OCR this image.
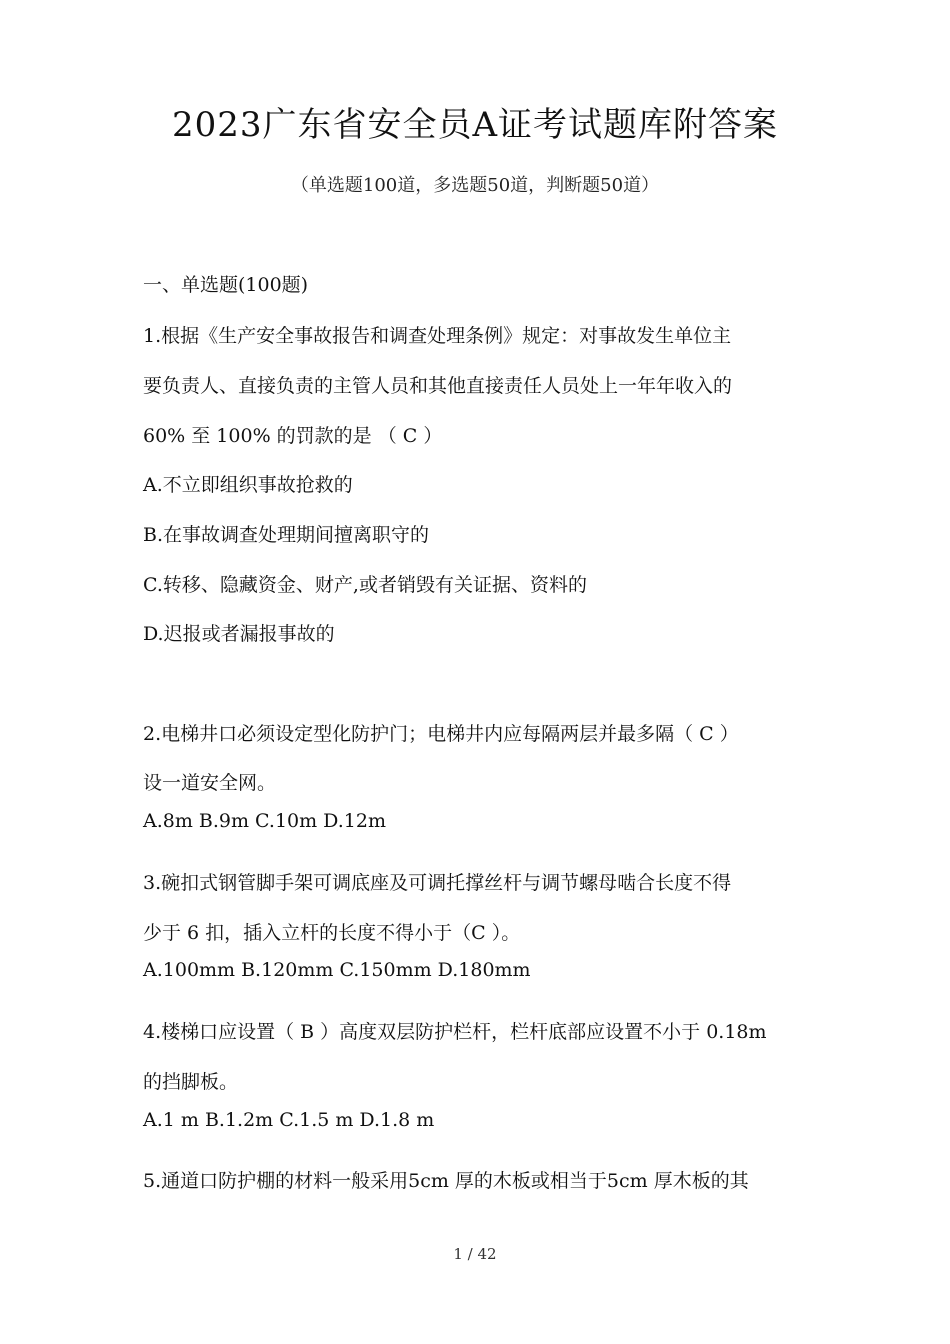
2023广东省安全员A证考试题库附答案
（单选题100道，多选题50道，判断题50道）
一、单选题(100题)
1.根据《生产安全事故报告和调查处理条例》规定：对事故发生单位主
要负责人、直接负责的主管人员和其他直接责任人员处上一年年收入的
60% 至 100% 的罚款的是 （ C ）
A.不立即组织事故抢救的
B.在事故调查处理期间擅离职守的
C.转移、隐藏资金、财产,或者销毁有关证据、资料的
D.迟报或者漏报事故的
2.电梯井口必须设定型化防护门；电梯井内应每隔两层并最多隔（ C ）
设一道安全网。
A.8m B.9m C.10m D.12m
3.碗扣式钢管脚手架可调底座及可调托撑丝杆与调节螺母啮合长度不得
少于 6 扣，插入立杆的长度不得小于（C ）。
A.100mm B.120mm C.150mm D.180mm
4.楼梯口应设置（ B ）高度双层防护栏杆，栏杆底部应设置不小于 0.18m
的挡脚板。
A.1 m B.1.2m C.1.5 m D.1.8 m
5.通道口防护棚的材料一般采用5cm 厚的木板或相当于5cm 厚木板的其
1 / 42
